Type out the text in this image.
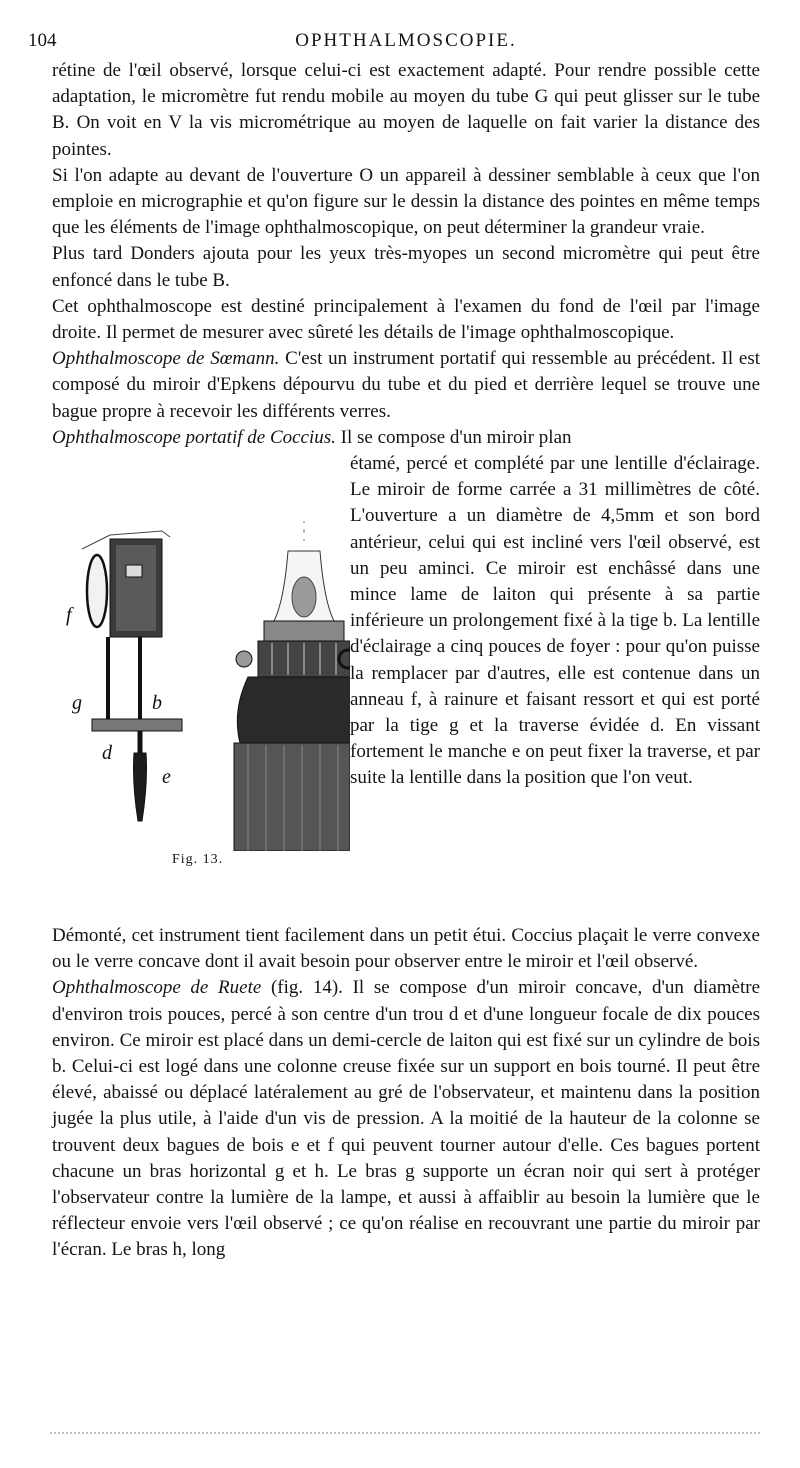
104	OPHTHALMOSCOPIE.

rétine de l'œil observé, lorsque celui-ci est exactement adapté. Pour rendre possible cette adaptation, le micromètre fut rendu mobile au moyen du tube G qui peut glisser sur le tube B. On voit en V la vis micrométrique au moyen de laquelle on fait varier la distance des pointes.

Si l'on adapte au devant de l'ouverture O un appareil à dessiner semblable à ceux que l'on emploie en micrographie et qu'on figure sur le dessin la distance des pointes en même temps que les éléments de l'image ophthalmoscopique, on peut déterminer la grandeur vraie.

Plus tard Donders ajouta pour les yeux très-myopes un second micromètre qui peut être enfoncé dans le tube B.

Cet ophthalmoscope est destiné principalement à l'examen du fond de l'œil par l'image droite. Il permet de mesurer avec sûreté les détails de l'image ophthalmoscopique.

Ophthalmoscope de Sœmann. C'est un instrument portatif qui ressemble au précédent. Il est composé du miroir d'Epkens dépourvu du tube et du pied et derrière lequel se trouve une bague propre à recevoir les différents verres.

Ophthalmoscope portatif de Coccius. Il se compose d'un miroir plan

f
g	b
d
e
Fig. 13.

étamé, percé et complété par une lentille d'éclairage. Le miroir de forme carrée a 31 millimètres de côté. L'ouverture a un diamètre de 4,5mm et son bord antérieur, celui qui est incliné vers l'œil observé, est un peu aminci. Ce miroir est enchâssé dans une mince lame de laiton qui présente à sa partie inférieure un prolongement fixé à la tige b. La lentille d'éclairage a cinq pouces de foyer : pour qu'on puisse la remplacer par d'autres, elle est contenue dans un anneau f, à rainure et faisant ressort et qui est porté par la tige g et la traverse évidée d. En vissant fortement le manche e on peut fixer la traverse, et par suite la lentille dans la position que l'on veut.

Démonté, cet instrument tient facilement dans un petit étui. Coccius plaçait le verre convexe ou le verre concave dont il avait besoin pour observer entre le miroir et l'œil observé.

Ophthalmoscope de Ruete (fig. 14). Il se compose d'un miroir concave, d'un diamètre d'environ trois pouces, percé à son centre d'un trou d et d'une longueur focale de dix pouces environ. Ce miroir est placé dans un demi-cercle de laiton qui est fixé sur un cylindre de bois b. Celui-ci est logé dans une colonne creuse fixée sur un support en bois tourné. Il peut être élevé, abaissé ou déplacé latéralement au gré de l'observateur, et maintenu dans la position jugée la plus utile, à l'aide d'un vis de pression. A la moitié de la hauteur de la colonne se trouvent deux bagues de bois e et f qui peuvent tourner autour d'elle. Ces bagues portent chacune un bras horizontal g et h. Le bras g supporte un écran noir qui sert à protéger l'observateur contre la lumière de la lampe, et aussi à affaiblir au besoin la lumière que le réflecteur envoie vers l'œil observé ; ce qu'on réalise en recouvrant une partie du miroir par l'écran. Le bras h, long
